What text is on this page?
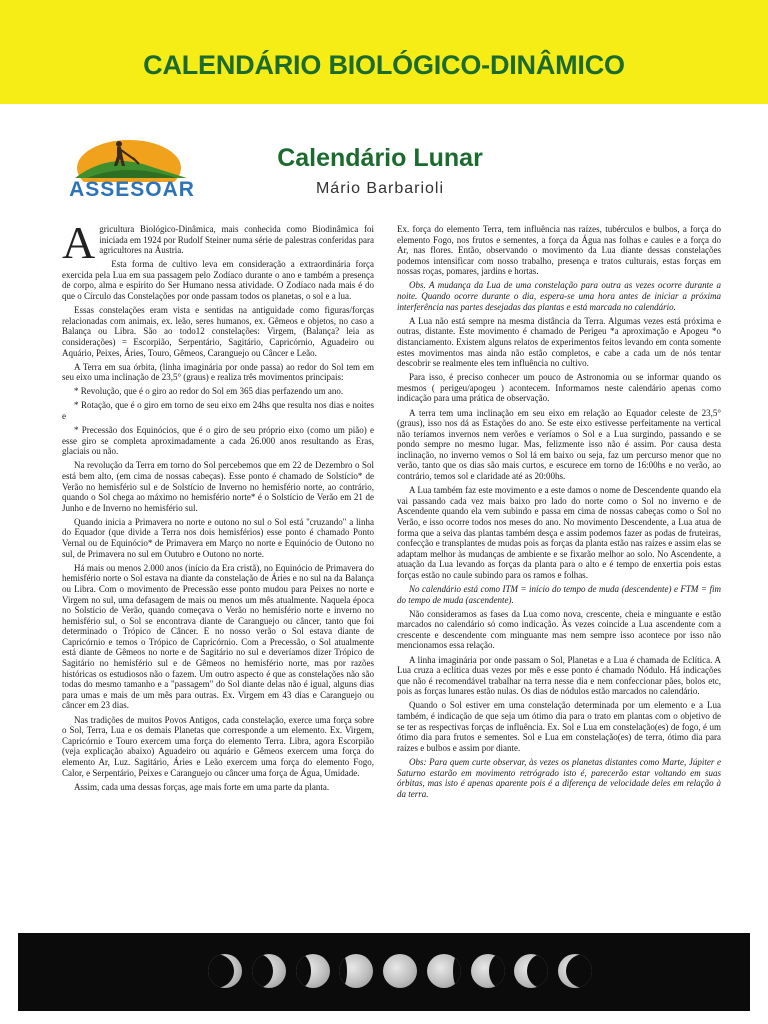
CALENDÁRIO BIOLÓGICO-DINÂMICO
ASSESOAR
Calendário Lunar
Mário Barbarioli

Agricultura Biológico-Dinâmica, mais conhecida como Biodinâmica foi iniciada em 1924 por Rudolf Steiner numa série de palestras conferidas para agricultores na Áustria.

Esta forma de cultivo leva em consideração a extraordinária força exercida pela Lua em sua passagem pelo Zodíaco durante o ano e também a presença de corpo, alma e espírito do Ser Humano nessa atividade. O Zodíaco nada mais é do que o Círculo das Constelações por onde passam todos os planetas, o sol e a lua.

Essas constelações eram vista e sentidas na antiguidade como figuras/forças relacionadas com animais, ex. leão, seres humanos, ex. Gêmeos e objetos, no caso a Balança ou Libra. São ao todo12 constelações: Virgem, (Balança? leia as considerações) = Escorpião, Serpentário, Sagitário, Capricórnio, Aguadeiro ou Aquário, Peixes, Áries, Touro, Gêmeos, Caranguejo ou Câncer e Leão.

A Terra em sua órbita, (linha imaginária por onde passa) ao redor do Sol tem em seu eixo uma inclinação de 23,5° (graus) e realiza três movimentos principais:

* Revolução, que é o giro ao redor do Sol em 365 dias perfazendo um ano.

* Rotação, que é o giro em torno de seu eixo em 24hs que resulta nos dias e noites e

* Precessão dos Equinócios, que é o giro de seu próprio eixo (como um pião) e esse giro se completa aproximadamente a cada 26.000 anos resultando as Eras, glaciais ou não.

Na revolução da Terra em torno do Sol percebemos que em 22 de Dezembro o Sol está bem alto, (em cima de nossas cabeças). Esse ponto é chamado de Solstício* de Verão no hemisfério sul e de Solstício de Inverno no hemisfério norte, ao contrário, quando o Sol chega ao máximo no hemisfério norte* é o Solstício de Verão em 21 de Junho e de Inverno no hemisfério sul.

Quando inicia a Primavera no norte e outono no sul o Sol está "cruzando" a linha do Equador (que divide a Terra nos dois hemisférios) esse ponto é chamado Ponto Vernal ou de Equinócio* de Primavera em Março no norte e Equinócio de Outono no sul, de Primavera no sul em Outubro e Outono no norte.

Há mais ou menos 2.000 anos (início da Era cristã), no Equinócio de Primavera do hemisfério norte o Sol estava na diante da constelação de Áries e no sul na da Balança ou Libra. Com o movimento de Precessão esse ponto mudou para Peixes no norte e Virgem no sul, uma defasagem de mais ou menos um mês atualmente. Naquela época no Solstício de Verão, quando começava o Verão no hemisfério norte e inverno no hemisfério sul, o Sol se encontrava diante de Caranguejo ou câncer, tanto que foi determinado o Trópico de Câncer. E no nosso verão o Sol estava diante de Capricórnio e temos o Trópico de Capricórnio. Com a Precessão, o Sol atualmente está diante de Gêmeos no norte e de Sagitário no sul e deveríamos dizer Trópico de Sagitário no hemisfério sul e de Gêmeos no hemisfério norte, mas por razões históricas os estudiosos não o fazem. Um outro aspecto é que as constelações não são todas do mesmo tamanho e a "passagem" do Sol diante delas não é igual, alguns dias para umas e mais de um mês para outras. Ex. Virgem em 43 dias e Caranguejo ou câncer em 23 dias.

Nas tradições de muitos Povos Antigos, cada constelação, exerce uma força sobre o Sol, Terra, Lua e os demais Planetas que corresponde a um elemento. Ex. Virgem, Capricórnio e Touro exercem uma força do elemento Terra. Libra, agora Escorpião (veja explicação abaixo) Aguadeiro ou aquário e Gêmeos exercem uma força do elemento Ar, Luz. Sagitário, Áries e Leão exercem uma força do elemento Fogo, Calor, e Serpentário, Peixes e Caranguejo ou câncer uma força de Água, Umidade.

Assim, cada uma dessas forças, age mais forte em uma parte da planta.

Ex. força do elemento Terra, tem influência nas raízes, tubérculos e bulbos, a força do elemento Fogo, nos frutos e sementes, a força da Água nas folhas e caules e a força do Ar, nas flores. Então, observando o movimento da Lua diante dessas constelações podemos intensificar com nosso trabalho, presença e tratos culturais, estas forças em nossas roças, pomares, jardins e hortas.

Obs. A mudança da Lua de uma constelação para outra as vezes ocorre durante a noite. Quando ocorre durante o dia, espera-se uma hora antes de iniciar a próxima interferência nas partes desejadas das plantas e está marcada no calendário.

A Lua não está sempre na mesma distância da Terra. Algumas vezes está próxima e outras, distante. Este movimento é chamado de Perigeu *a aproximação e Apogeu *o distanciamento. Existem alguns relatos de experimentos feitos levando em conta somente estes movimentos mas ainda não estão completos, e cabe a cada um de nós tentar descobrir se realmente eles tem influência no cultivo.

Para isso, é preciso conhecer um pouco de Astronomia ou se informar quando os mesmos ( perigeu/apogeu ) acontecem. Informamos neste calendário apenas como indicação para uma prática de observação.

A terra tem uma inclinação em seu eixo em relação ao Equador celeste de 23,5° (graus), isso nos dá as Estações do ano. Se este eixo estivesse perfeitamente na vertical não teríamos invernos nem verões e veríamos o Sol e a Lua surgindo, passando e se pondo sempre no mesmo lugar. Mas, felizmente isso não é assim. Por causa desta inclinação, no inverno vemos o Sol lá em baixo ou seja, faz um percurso menor que no verão, tanto que os dias são mais curtos, e escurece em torno de 16:00hs e no verão, ao contrário, temos sol e claridade até as 20:00hs.

A Lua também faz este movimento e a este damos o nome de Descendente quando ela vai passando cada vez mais baixo pro lado do norte como o Sol no inverno e de Ascendente quando ela vem subindo e passa em cima de nossas cabeças como o Sol no Verão, e isso ocorre todos nos meses do ano. No movimento Descendente, a Lua atua de forma que a seiva das plantas também desça e assim podemos fazer as podas de fruteiras, confecção e transplantes de mudas pois as forças da planta estão nas raízes e assim elas se adaptam melhor às mudanças de ambiente e se fixarão melhor ao solo. No Ascendente, a atuação da Lua levando as forças da planta para o alto e é tempo de enxertia pois estas forças estão no caule subindo para os ramos e folhas.

No calendário está como ITM = início do tempo de muda (descendente) e FTM = fim do tempo de muda (ascendente).

Não consideramos as fases da Lua como nova, crescente, cheia e minguante e estão marcados no calendário só como indicação. Às vezes coincide a Lua ascendente com a crescente e descendente com minguante mas nem sempre isso acontece por isso não mencionamos essa relação.

A linha imaginária por onde passam o Sol, Planetas e a Lua é chamada de Eclítica. A Lua cruza a eclítica duas vezes por mês e esse ponto é chamado Nódulo. Há indicações que não é recomendável trabalhar na terra nesse dia e nem confeccionar pães, bolos etc, pois as forças lunares estão nulas. Os dias de nódulos estão marcados no calendário.

Quando o Sol estiver em uma constelação determinada por um elemento e a Lua também, é indicação de que seja um ótimo dia para o trato em plantas com o objetivo de se ter as respectivas forças de influência. Ex. Sol e Lua em constelação(es) de fogo, é um ótimo dia para frutos e sementes. Sol e Lua em constelação(es) de terra, ótimo dia para raízes e bulbos e assim por diante.

Obs: Para quem curte observar, às vezes os planetas distantes como Marte, Júpiter e Saturno estarão em movimento retrógrado isto é, parecerão estar voltando em suas órbitas, mas isto é apenas aparente pois é a diferença de velocidade deles em relação à da terra.
